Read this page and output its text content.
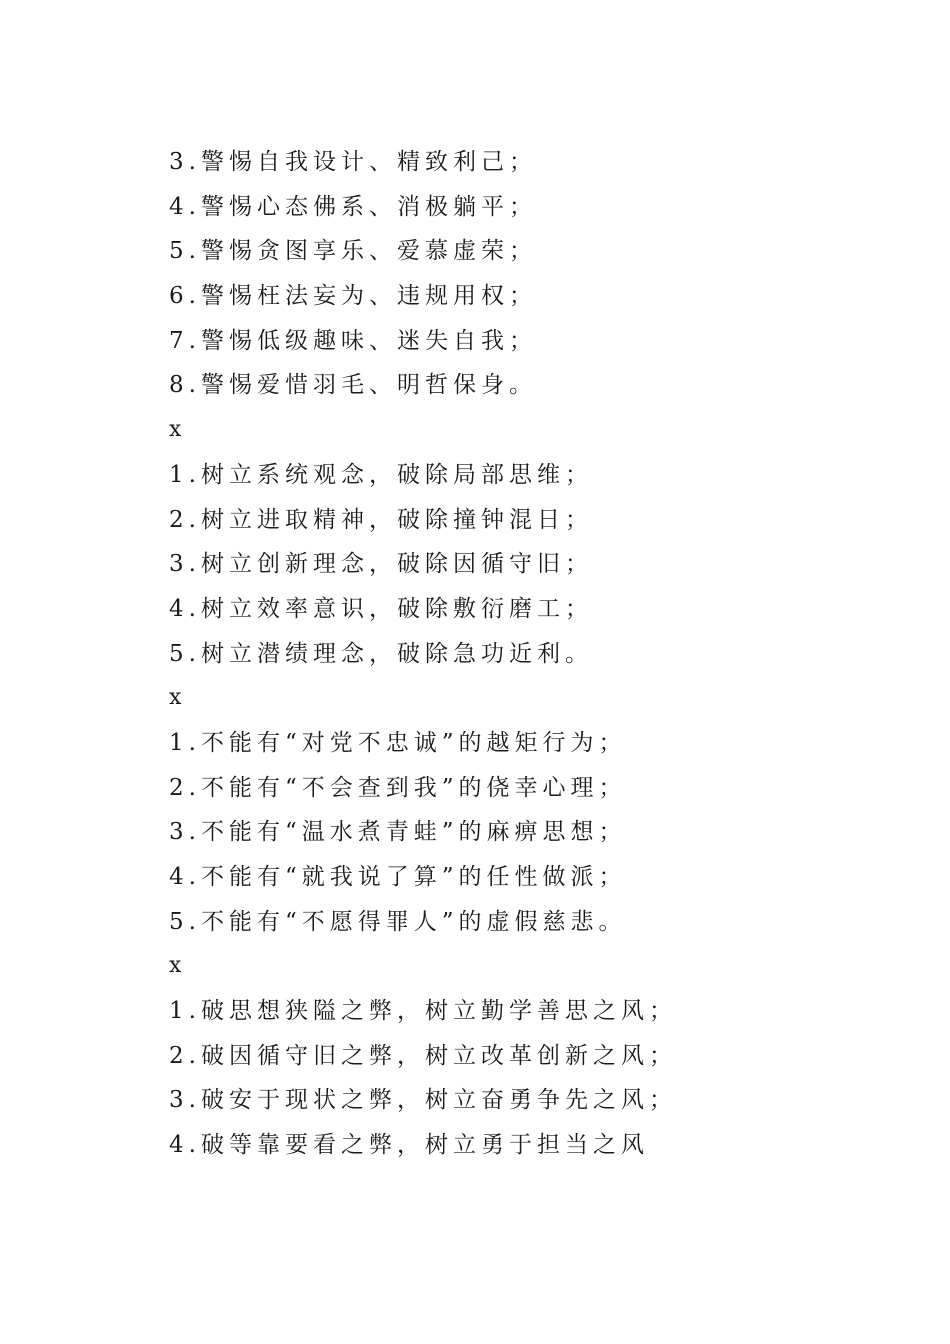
3.警惕自我设计、精致利己；
4.警惕心态佛系、消极躺平；
5.警惕贪图享乐、爱慕虚荣；
6.警惕枉法妄为、违规用权；
7.警惕低级趣味、迷失自我；
8.警惕爱惜羽毛、明哲保身。
x
1.树立系统观念，破除局部思维；
2.树立进取精神，破除撞钟混日；
3.树立创新理念，破除因循守旧；
4.树立效率意识，破除敷衍磨工；
5.树立潜绩理念，破除急功近利。
x
1.不能有“对党不忠诚”的越矩行为；
2.不能有“不会查到我”的侥幸心理；
3.不能有“温水煮青蛙”的麻痹思想；
4.不能有“就我说了算”的任性做派；
5.不能有“不愿得罪人”的虚假慈悲。
x
1.破思想狭隘之弊，树立勤学善思之风；
2.破因循守旧之弊，树立改革创新之风；
3.破安于现状之弊，树立奋勇争先之风；
4.破等靠要看之弊，树立勇于担当之风
